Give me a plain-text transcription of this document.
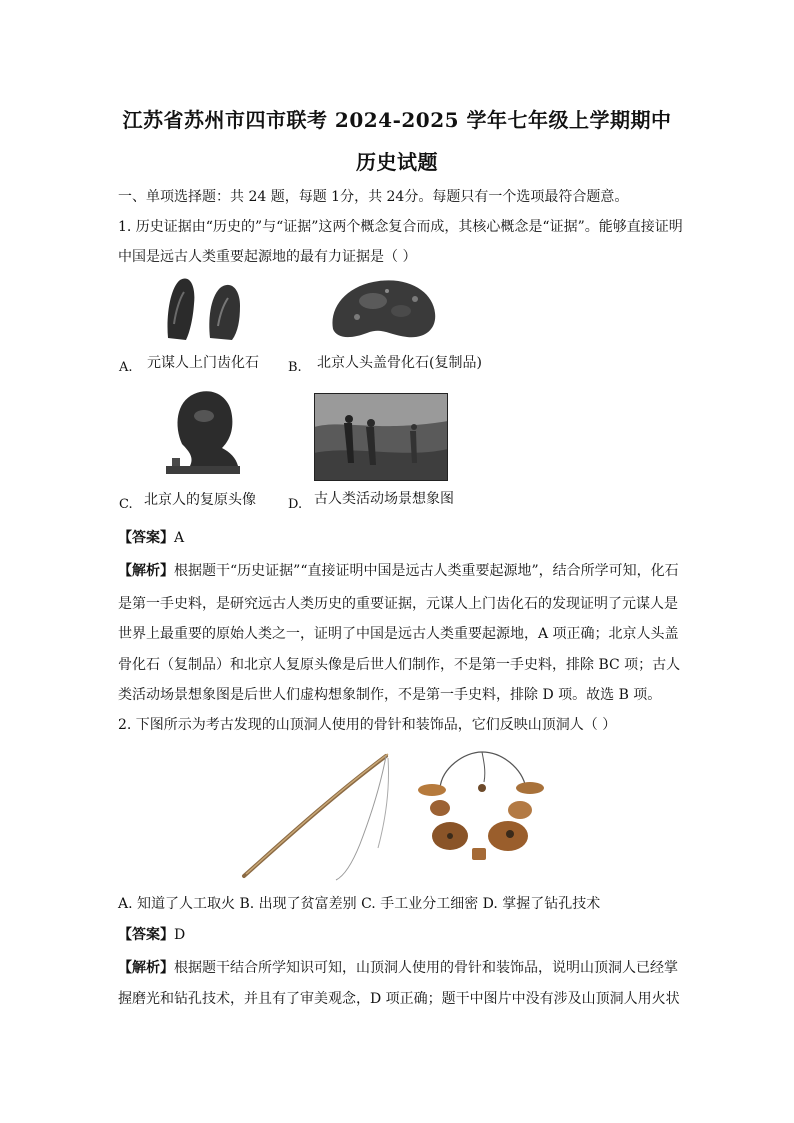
江苏省苏州市四市联考 2024-2025 学年七年级上学期期中
历史试题
一、单项选择题：共 24 题，每题 1分，共 24分。每题只有一个选项最符合题意。
1. 历史证据由“历史的”与“证据”这两个概念复合而成，其核心概念是“证据”。能够直接证明
中国是远古人类重要起源地的最有力证据是（ ）
A. 元谋人上门齿化石 B. 北京人头盖骨化石(复制品)
C. 北京人的复原头像 D. 古人类活动场景想象图
【答案】A
【解析】根据题干“历史证据”“直接证明中国是远古人类重要起源地”，结合所学可知，化石
是第一手史料，是研究远古人类历史的重要证据，元谋人上门齿化石的发现证明了元谋人是
世界上最重要的原始人类之一，证明了中国是远古人类重要起源地，A 项正确；北京人头盖
骨化石（复制品）和北京人复原头像是后世人们制作，不是第一手史料，排除 BC 项；古人
类活动场景想象图是后世人们虚构想象制作，不是第一手史料，排除 D 项。故选 B 项。
2. 下图所示为考古发现的山顶洞人使用的骨针和装饰品，它们反映山顶洞人（ ）
A. 知道了人工取火 B. 出现了贫富差别 C. 手工业分工细密 D. 掌握了钻孔技术
【答案】D
【解析】根据题干结合所学知识可知，山顶洞人使用的骨针和装饰品，说明山顶洞人已经掌
握磨光和钻孔技术，并且有了审美观念，D 项正确；题干中图片中没有涉及山顶洞人用火状
